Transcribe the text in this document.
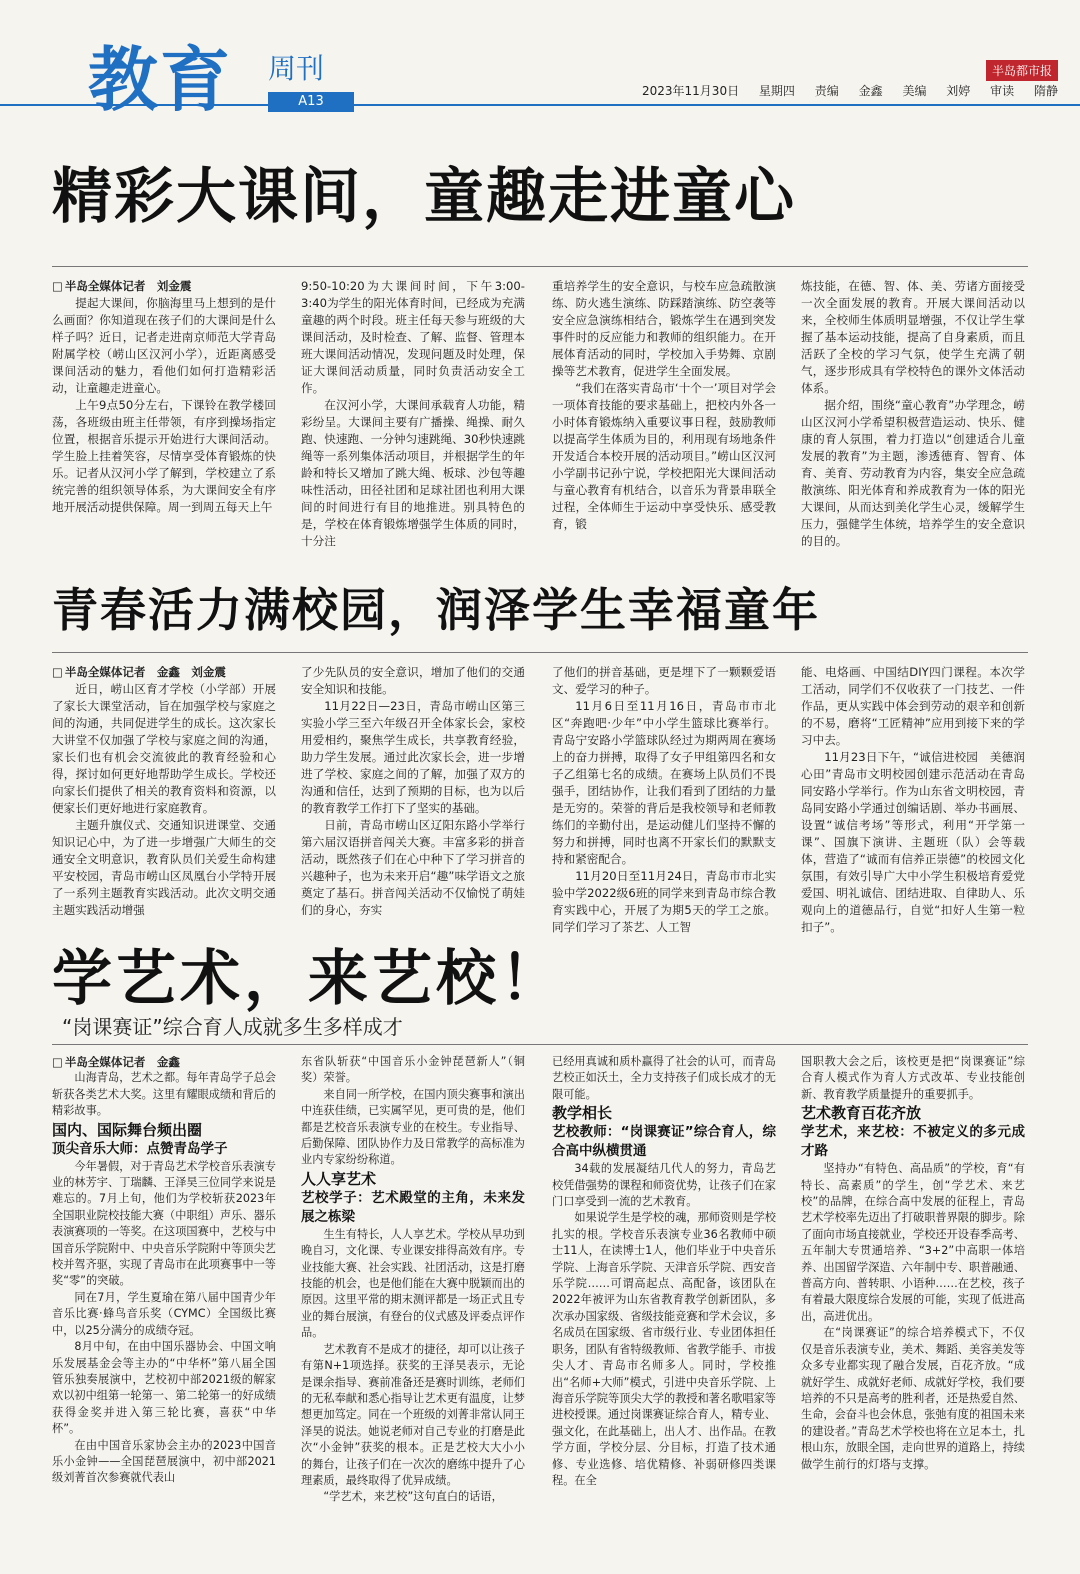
教育 周刊
A13
半岛都市报
2023年11月30日 星期四 责编 金鑫 美编 刘婷 审读 隋静
精彩大课间，童趣走进童心

□ 半岛全媒体记者　刘金震

提起大课间，你脑海里马上想到的是什么画面？你知道现在孩子们的大课间是什么样子吗？近日，记者走进南京师范大学青岛附属学校（崂山区汉河小学），近距离感受课间活动的魅力，看他们如何打造精彩活动，让童趣走进童心。

上午9点50分左右，下课铃在教学楼回荡，各班级由班主任带领，有序到操场指定位置，根据音乐提示开始进行大课间活动。学生脸上挂着笑容，尽情享受体育锻炼的快乐。记者从汉河小学了解到，学校建立了系统完善的组织领导体系，为大课间安全有序地开展活动提供保障。周一到周五每天上午

9:50-10:20为大课间时间，下午3:00-3:40为学生的阳光体育时间，已经成为充满童趣的两个时段。班主任每天参与班级的大课间活动，及时检查、了解、监督、管理本班大课间活动情况，发现问题及时处理，保证大课间活动质量，同时负责活动安全工作。

在汉河小学，大课间承载育人功能，精彩纷呈。大课间主要有广播操、绳操、耐久跑、快速跑、一分钟匀速跳绳、30秒快速跳绳等一系列集体活动项目，并根据学生的年龄和特长又增加了跳大绳、板球、沙包等趣味性活动，田径社团和足球社团也利用大课间的时间进行有目的地推进。别具特色的是，学校在体育锻炼增强学生体质的同时，十分注

重培养学生的安全意识，与校车应急疏散演练、防火逃生演练、防踩踏演练、防空袭等安全应急演练相结合，锻炼学生在遇到突发事件时的反应能力和教师的组织能力。在开展体育活动的同时，学校加入手势舞、京剧操等艺术教育，促进学生全面发展。

“我们在落实青岛市‘十个一’项目对学会一项体育技能的要求基础上，把校内外各一小时体育锻炼纳入重要议事日程，鼓励教师以提高学生体质为目的，利用现有场地条件开发适合本校开展的活动项目。”崂山区汉河小学副书记孙宁说，学校把阳光大课间活动与童心教育有机结合，以音乐为背景串联全过程，全体师生于运动中享受快乐、感受教育，锻

炼技能，在德、智、体、美、劳诸方面接受一次全面发展的教育。开展大课间活动以来，全校师生体质明显增强，不仅让学生掌握了基本运动技能，提高了自身素质，而且活跃了全校的学习气氛，使学生充满了朝气，逐步形成具有学校特色的课外文体活动体系。

据介绍，围绕“童心教育”办学理念，崂山区汉河小学希望积极营造运动、快乐、健康的育人氛围，着力打造以“创建适合儿童发展的教育”为主题，渗透德育、智育、体育、美育、劳动教育为内容，集安全应急疏散演练、阳光体育和养成教育为一体的阳光大课间，从而达到美化学生心灵，缓解学生压力，强健学生体统，培养学生的安全意识的目的。

青春活力满校园，润泽学生幸福童年

□ 半岛全媒体记者　金鑫　刘金震

近日，崂山区育才学校（小学部）开展了家长大课堂活动，旨在加强学校与家庭之间的沟通，共同促进学生的成长。这次家长大讲堂不仅加强了学校与家庭之间的沟通，家长们也有机会交流彼此的教育经验和心得，探讨如何更好地帮助学生成长。学校还向家长们提供了相关的教育资料和资源，以便家长们更好地进行家庭教育。

主题升旗仪式、交通知识进课堂、交通知识记心中，为了进一步增强广大师生的交通安全文明意识，教育队员们关爱生命构建平安校园，青岛市崂山区凤凰台小学特开展了一系列主题教育实践活动。此次文明交通主题实践活动增强

了少先队员的安全意识，增加了他们的交通安全知识和技能。

11月22日—23日，青岛市崂山区第三实验小学三至六年级召开全体家长会，家校用爱相约，聚焦学生成长，共享教育经验，助力学生发展。通过此次家长会，进一步增进了学校、家庭之间的了解，加强了双方的沟通和信任，达到了预期的目标，也为以后的教育教学工作打下了坚实的基础。

日前，青岛市崂山区辽阳东路小学举行第六届汉语拼音闯关大赛。丰富多彩的拼音活动，既然孩子们在心中种下了学习拼音的兴趣种子，也为未来开启“趣”味学语文之旅奠定了基石。拼音闯关活动不仅愉悦了萌娃们的身心，夯实

了他们的拼音基础，更是埋下了一颗颗爱语文、爱学习的种子。

11月6日至11月16日，青岛市市北区“奔跑吧·少年”中小学生篮球比赛举行。青岛宁安路小学篮球队经过为期两周在赛场上的奋力拼搏，取得了女子甲组第四名和女子乙组第七名的成绩。在赛场上队员们不畏强手，团结协作，让我们看到了团结的力量是无穷的。荣誉的背后是我校领导和老师教练们的辛勤付出，是运动健儿们坚持不懈的努力和拼搏，同时也离不开家长们的默默支持和紧密配合。

11月20日至11月24日，青岛市市北实验中学2022级6班的同学来到青岛市综合教育实践中心，开展了为期5天的学工之旅。同学们学习了茶艺、人工智

能、电烙画、中国结DIY四门课程。本次学工活动，同学们不仅收获了一门技艺、一件作品，更从实践中体会到劳动的艰辛和创新的不易，磨将“工匠精神”应用到接下来的学习中去。

11月23日下午，“诚信进校园　美德润心田”青岛市文明校园创建示范活动在青岛同安路小学举行。作为山东省文明校园，青岛同安路小学通过创编话剧、举办书画展、设置“诚信考场”等形式，利用“开学第一课”、国旗下演讲、主题班（队）会等载体，营造了“诚而有信养正崇德”的校园文化氛围，有效引导广大中小学生积极培育爱党爱国、明礼诚信、团结进取、自律助人、乐观向上的道德品行，自觉“扣好人生第一粒扣子”。

学艺术，来艺校！
“岗课赛证”综合育人成就多生多样成才

□ 半岛全媒体记者　金鑫

山海青岛，艺术之都。每年青岛学子总会斩获各类艺术大奖。这里有耀眼成绩和背后的精彩故事。

国内、国际舞台频出圈

顶尖音乐大师：点赞青岛学子

今年暑假，对于青岛艺术学校音乐表演专业的林芳宇、丁瑞麟、王泽昊三位同学来说是难忘的。7月上旬，他们为学校斩获2023年全国职业院校技能大赛（中职组）声乐、器乐表演赛项的一等奖。在这项国赛中，艺校与中国音乐学院附中、中央音乐学院附中等顶尖艺校并驾齐驱，实现了青岛市在此项赛事中一等奖“零”的突破。

同在7月，学生夏瑜在第八届中国青少年音乐比赛·蜂鸟音乐奖（CYMC）全国级比赛中，以25分满分的成绩夺冠。

8月中旬，在由中国乐器协会、中国文响乐发展基金会等主办的“中华杯”第八届全国管乐独奏展演中，艺校初中部2021级的解家欢以初中组第一轮第一、第二轮第一的好成绩获得金奖并进入第三轮比赛，喜获“中华杯”。

在由中国音乐家协会主办的2023中国音乐小金钟——全国琵琶展演中，初中部2021级刘菁首次参赛就代表山

东省队斩获“中国音乐小金钟琵琶新人”（铜奖）荣誉。

来自同一所学校，在国内顶尖赛事和演出中连获佳绩，已实属罕见，更可贵的是，他们都是艺校音乐表演专业的在校生。专业指导、后勤保障、团队协作力及日常教学的高标准为业内专家纷纷称道。

人人享艺术

艺校学子：艺术殿堂的主角，未来发展之栋梁

生生有特长，人人享艺术。学校从早功到晚自习，文化课、专业课安排得高效有序。专业技能大赛、社会实践、社团活动，这是打磨技能的机会，也是他们能在大赛中脱颖而出的原因。这里平常的期末测评都是一场正式且专业的舞台展演，有登台的仪式感及评委点评作品。

艺术教育不是成才的捷径，却可以让孩子有第N+1项选择。获奖的王泽昊表示，无论是课余指导、赛前准备还是赛时训练，老师们的无私奉献和悉心指导让艺术更有温度，让梦想更加笃定。同在一个班级的刘菁非常认同王泽昊的说法。她说老师对自己专业的打磨是此次“小金钟”获奖的根本。正是艺校大大小小的舞台，让孩子们在一次次的磨练中提升了心理素质，最终取得了优异成绩。

“学艺术，来艺校”这句直白的话语，

已经用真诚和质朴赢得了社会的认可，而青岛艺校正如沃土，全力支持孩子们成长成才的无限可能。

教学相长

艺校教师：“岗课赛证”综合育人，综合高中纵横贯通

34载的发展凝结几代人的努力，青岛艺校凭借强势的课程和师资优势，让孩子们在家门口享受到一流的艺术教育。

如果说学生是学校的魂，那师资则是学校扎实的根。学校音乐表演专业36名教师中硕士11人，在读博士1人，他们毕业于中央音乐学院、上海音乐学院、天津音乐学院、西安音乐学院……可谓高起点、高配备，该团队在2022年被评为山东省教育教学创新团队，多次承办国家级、省级技能竞赛和学术会议，多名成员在国家级、省市级行业、专业团体担任职务，团队有省特级教师、省教学能手、市拔尖人才、青岛市名师多人。同时，学校推出“名师+大师”模式，引进中央音乐学院、上海音乐学院等顶尖大学的教授和著名歌唱家等进校授课。通过岗课赛证综合育人，精专业、强文化，在此基础上，出人才、出作品。在教学方面，学校分层、分目标，打造了技术通修、专业选修、培优精修、补弱研修四类课程。在全

国职教大会之后，该校更是把“岗课赛证”综合育人模式作为育人方式改革、专业技能创新、教育教学质量提升的重要抓手。

艺术教育百花齐放

学艺术，来艺校：不被定义的多元成才路

坚持办“有特色、高品质”的学校，育“有特长、高素质”的学生，创“学艺术、来艺校”的品牌，在综合高中发展的征程上，青岛艺术学校率先迈出了打破职普界限的脚步。除了面向市场直接就业，学校还开设春季高考、五年制大专贯通培养、“3+2”中高职一体培养、出国留学深造、六年制中专、职普融通、普高方向、普转职、小语种……在艺校，孩子有着最大限度综合发展的可能，实现了低进高出，高进优出。

在“岗课赛证”的综合培养模式下，不仅仅是音乐表演专业，美术、舞蹈、美容美发等众多专业都实现了融合发展，百花齐放。“成就好学生、成就好老师、成就好学校，我们要培养的不只是高考的胜利者，还是热爱自然、生命，会奋斗也会休息，张弛有度的祖国未来的建设者。”青岛艺术学校也将在立足本土，扎根山东，放眼全国，走向世界的道路上，持续做学生前行的灯塔与支撑。
